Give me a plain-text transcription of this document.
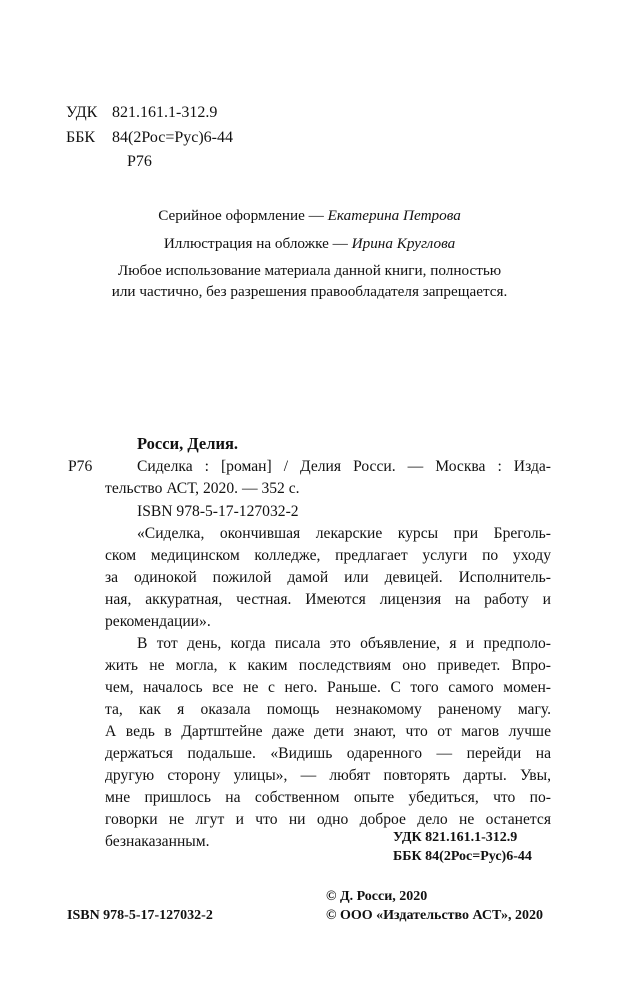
УДК 821.161.1-312.9
ББК 84(2Рос=Рус)6-44
Р76
Серийное оформление — Екатерина Петрова
Иллюстрация на обложке — Ирина Круглова
Любое использование материала данной книги, полностью
или частично, без разрешения правообладателя запрещается.
Росси, Делия.
Р76	Сиделка : [роман] / Делия Росси. — Москва : Изда-
тельство АСТ, 2020. — 352 с.
ISBN 978-5-17-127032-2
«Сиделка, окончившая лекарские курсы при Бреголь-
ском медицинском колледже, предлагает услуги по уходу
за одинокой пожилой дамой или девицей. Исполнитель-
ная, аккуратная, честная. Имеются лицензия на работу и
рекомендации».
В тот день, когда писала это объявление, я и предполо-
жить не могла, к каким последствиям оно приведет. Впро-
чем, началось все не с него. Раньше. С того самого момен-
та, как я оказала помощь незнакомому раненому магу.
А ведь в Дартштейне даже дети знают, что от магов лучше
держаться подальше. «Видишь одаренного — перейди на
другую сторону улицы», — любят повторять дарты. Увы,
мне пришлось на собственном опыте убедиться, что по-
говорки не лгут и что ни одно доброе дело не останется
безнаказанным.	УДК 821.161.1-312.9
ББК 84(2Рос=Рус)6-44
© Д. Росси, 2020
ISBN 978-5-17-127032-2	© ООО «Издательство АСТ», 2020
